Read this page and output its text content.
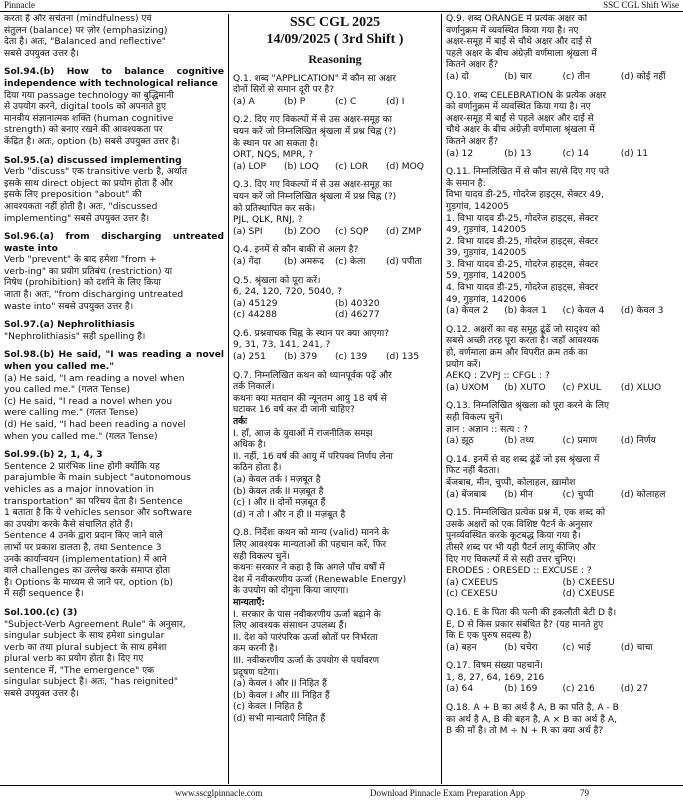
Pinnacle	SSC CGL Shift Wise

करता है और सचेतना (mindfulness) एवं

संतुलन (balance) पर ज़ोर (emphasizing)

देता है। अतः, "Balanced and reflective"

सबसे उपयुक्त उत्तर है।

Sol.94.(b) How to balance cognitive independence with technological reliance

दिया गया passage technology का बुद्धिमानी

से उपयोग करने, digital tools को अपनाते हुए

मानवीय संज्ञानात्मक शक्ति (human cognitive

strength) को बनाए रखने की आवश्यकता पर

केंद्रित है। अतः, option (b) सबसे उपयुक्त उत्तर है।

Sol.95.(a) discussed implementing

Verb "discuss" एक transitive verb है, अर्थात

इसके साथ direct object का प्रयोग होता है और

इसके लिए preposition "about" की

आवश्यकता नहीं होती है। अतः, "discussed

implementing" सबसे उपयुक्त उत्तर है।

Sol.96.(a) from discharging untreated waste into

Verb "prevent" के बाद हमेशा "from +

verb-ing" का प्रयोग प्रतिबंध (restriction) या

निषेध (prohibition) को दर्शाने के लिए किया

जाता है। अतः, "from discharging untreated

waste into" सबसे उपयुक्त उत्तर है।

Sol.97.(a) Nephrolithiasis

"Nephrolithiasis" सही spelling है।

Sol.98.(b) He said, "I was reading a novel when you called me."

(a) He said, "I am reading a novel when

you called me." (गलत Tense)

(c) He said, "I read a novel when you

were calling me." (गलत Tense)

(d) He said, "I had been reading a novel

when you called me." (गलत Tense)

Sol.99.(b) 2, 1, 4, 3

Sentence 2 प्रारंभिक line होगी क्योंकि यह

parajumble के main subject "autonomous

vehicles as a major innovation in

transportation" का परिचय देता है। Sentence

1 बताता है कि ये vehicles sensor और software

का उपयोग करके कैसे संचालित होते हैं।

Sentence 4 उनके द्वारा प्रदान किए जाने वाले

लाभों पर प्रकाश डालता है, तथा Sentence 3

उनके कार्यान्वयन (implementation) में आने

वाले challenges का उल्लेख करके समाप्त होता

है। Options के माध्यम से जाने पर, option (b)

में सही sequence है।

Sol.100.(c) (3)

"Subject-Verb Agreement Rule" के अनुसार,

singular subject के साथ हमेशा singular

verb का तथा plural subject के साथ हमेशा

plural verb का प्रयोग होता है। दिए गए

sentence में, "The emergence" एक

singular subject है। अतः, "has reignited"

सबसे उपयुक्त उत्तर है।

SSC CGL 2025

14/09/2025 ( 3rd Shift )

Reasoning

Q.1. शब्द "APPLICATION" में कौन सा अक्षर

दोनों सिरों से समान दूरी पर है?

(a) A	(b) P	(c) C	(d) I

Q.2. दिए गए विकल्पों में से उस अक्षर-समूह का

चयन करें जो निम्नलिखित श्रृंखला में प्रश्न चिह्न (?)

के स्थान पर आ सकता है।

ORT, NQS, MPR, ?

(a) LOP	(b) LOQ	(c) LOR	(d) MOQ

Q.3. दिए गए विकल्पों में से उस अक्षर-समूह का

चयन करें जो निम्नलिखित श्रृंखला में प्रश्न चिह्न (?)

को प्रतिस्थापित कर सके।

PJL, QLK, RNJ, ?

(a) SPI	(b) ZOO	(c) SQP	(d) ZMP

Q.4. इनमें से कौन बाकी से अलग है?

(a) गेंदा	(b) अमरूद	(c) केला	(d) पपीता

Q.5. श्रृंखला को पूरा करें।

6, 24, 120, 720, 5040, ?

(a) 45129	(b) 40320
(c) 44288	(d) 46277

Q.6. प्रश्नवाचक चिह्न के स्थान पर क्या आएगा?

9, 31, 73, 141, 241, ?

(a) 251	(b) 379	(c) 139	(d) 135

Q.7. निम्नलिखित कथन को ध्यानपूर्वक पढ़ें और

तर्क निकालें।

कथनः क्या मतदान की न्यूनतम आयु 18 वर्ष से

घटाकर 16 वर्ष कर दी जानी चाहिए?

तर्कः

I. हाँ, आज के युवाओं में राजनीतिक समझ

अधिक है।

II. नहीं, 16 वर्ष की आयु में परिपक्व निर्णय लेना

कठिन होता है।

(a) केवल तर्क I मज़बूत है

(b) केवल तर्क II मज़बूत है

(c) I और II दोनों मज़बूत हैं

(d) न तो I और न ही II मज़बूत है

Q.8. निर्देशः कथन को मान्य (valid) मानने के

लिए आवश्यक मान्यताओं की पहचान करें, फिर

सही विकल्प चुनें।

कथनः सरकार ने कहा है कि अगले पाँच वर्षों में

देश में नवीकरणीय ऊर्जा (Renewable Energy)

के उपयोग को दोगुना किया जाएगा।

मान्यताएँ:

I. सरकार के पास नवीकरणीय ऊर्जा बढ़ाने के

लिए आवश्यक संसाधन उपलब्ध हैं।

II. देश को पारंपरिक ऊर्जा स्रोतों पर निर्भरता

कम करनी है।

III. नवीकरणीय ऊर्जा के उपयोग से पर्यावरण

प्रदूषण घटेगा।

(a) केवल I और II निहित हैं

(b) केवल I और III निहित हैं

(c) केवल I निहित है

(d) सभी मान्यताएँ निहित हैं

Q.9. शब्द ORANGE में प्रत्येक अक्षर को

वर्णानुक्रम में व्यवस्थित किया गया है। नए

अक्षर-समूह में बाईं से चौथे अक्षर और दाईं से

पहले अक्षर के बीच अंग्रेज़ी वर्णमाला श्रृंखला में

कितने अक्षर हैं?

(a) दो	(b) चार	(c) तीन	(d) कोई नहीं

Q.10. शब्द CELEBRATION के प्रत्येक अक्षर

को वर्णानुक्रम में व्यवस्थित किया गया है। नए

अक्षर-समूह में बाईं से पहले अक्षर और दाईं से

चौथे अक्षर के बीच अंग्रेज़ी वर्णमाला श्रृंखला में

कितने अक्षर हैं?

(a) 12	(b) 13	(c) 14	(d) 11

Q.11. निम्नलिखित में से कौन सा/से दिए गए पते

के समान है:

विभा यादव डी-25, गोदरेज हाइट्स, सेक्टर 49,

गुड़गांव, 142005

1. विभा यादव डी-25, गोदरेज हाइट्स, सेक्टर

49, गुड़गांव, 142005

2. विभा यादव डी-25, गोदरेज हाइट्स, सेक्टर

39, गुड़गांव, 142005

3. विभा यादव डी-25, गोदरेज हाइट्स, सेक्टर

59, गुड़गांव, 142005

4. विभा यादव डी-25, गोदरेज हाइट्स, सेक्टर

49, गुड़गांव, 142006

(a) केवल 2	(b) केवल 1	(c) केवल 4	(d) केवल 3

Q.12. अक्षरों का वह समूह ढूंढें जो सादृश्य को

सबसे अच्छी तरह पूरा करता है। जहाँ आवश्यक

हो, वर्णमाला क्रम और विपरीत क्रम तर्क का

प्रयोग करें।

AEKQ : ZVPJ :: CFGL : ?

(a) UXOM	(b) XUTO	(c) PXUL	(d) XLUO

Q.13. निम्नलिखित श्रृंखला को पूरा करने के लिए

सही विकल्प चुनें।

ज्ञान : अज्ञान :: सत्य : ?

(a) झूठ	(b) तथ्य	(c) प्रमाण	(d) निर्णय

Q.14. इनमें से वह शब्द ढूंढें जो इस श्रृंखला में

फिट नहीं बैठता।

बेंजबाब, मीन, चुप्पी, कोलाहल, ख़ामोश

(a) बेंजबाब	(b) मीन	(c) चुप्पी	(d) कोलाहल

Q.15. निम्नलिखित प्रत्येक प्रश्न में, एक शब्द को

उसके अक्षरों को एक विशिष्ट पैटर्न के अनुसार

पुनर्व्यवस्थित करके कूटबद्ध किया गया है।

तीसरे शब्द पर भी यही पैटर्न लागू कीजिए और

दिए गए विकल्पों में से सही उत्तर चुनिए।

ERODES : ORESED :: EXCUSE : ?

(a) CXEEUS	(b) CXEESU
(c) CEXESU	(d) CXEUSE

Q.16. E के पिता की पत्नी की इकलौती बेटी D है।

E, D से किस प्रकार संबंधित है? (यह मानते हुए

कि E एक पुरुष सदस्य है)

(a) बहन	(b) चचेरा	(c) भाई	(d) चाचा

Q.17. विषम संख्या पहचानें।

1, 8, 27, 64, 169, 216

(a) 64	(b) 169	(c) 216	(d) 27

Q.18. A + B का अर्थ है A, B का पति है, A - B

का अर्थ है A, B की बहन है, A × B का अर्थ है A,

B की माँ है। तो M ÷ N + R का क्या अर्थ है?

www.sscglpinnacle.com	Download Pinnacle Exam Preparation App	79
